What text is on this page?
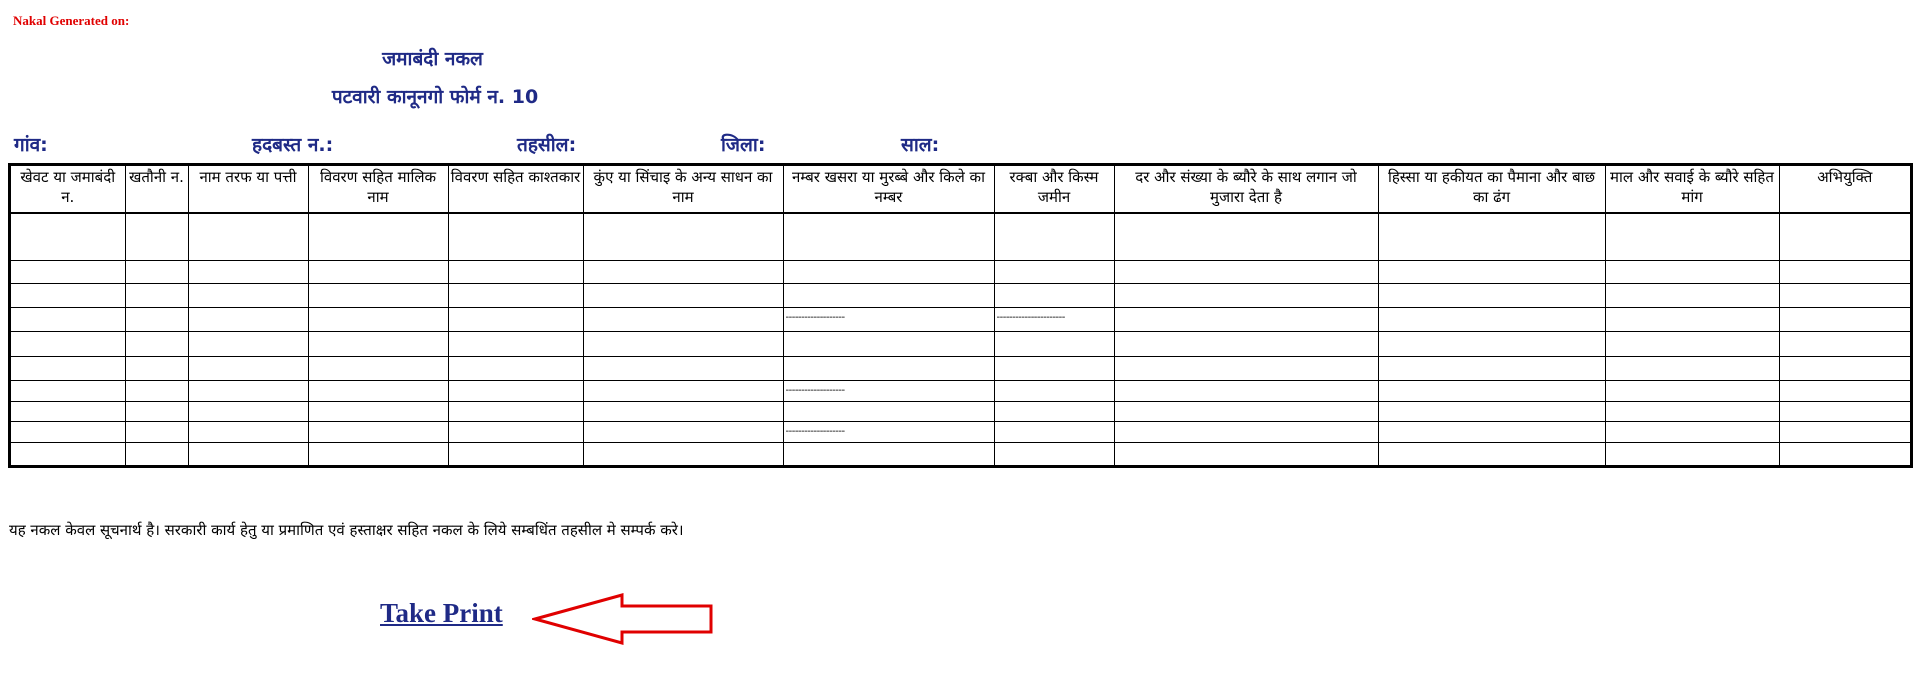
Nakal Generated on:
जमाबंदी नकल
पटवारी कानूनगो फोर्म न. 10
गांव:	हदबस्त न.:	तहसील:	जिला:	साल:
खेवट या जमाबंदी न.	खतौनी न.	नाम तरफ या पत्ती	विवरण सहित मालिक नाम	विवरण सहित काश्तकार	कुंए या सिंचाइ के अन्य साधन का नाम	नम्बर खसरा या मुरब्बे और किले का नम्बर	रक्बा और किस्म जमीन	दर और संख्या के ब्यौरे के साथ लगान जो मुजारा देता है	हिस्सा या हकीयत का पैमाना और बाछ का ढंग	माल और सवाई के ब्यौरे सहित मांग	अभियुक्ति

						-------------------	----------------------				

						-------------------					

						-------------------					

यह नकल केवल सूचनार्थ है। सरकारी कार्य हेतु या प्रमाणित एवं हस्ताक्षर सहित नकल के लिये सम्बधिंत तहसील मे सम्पर्क करे।
Take Print
